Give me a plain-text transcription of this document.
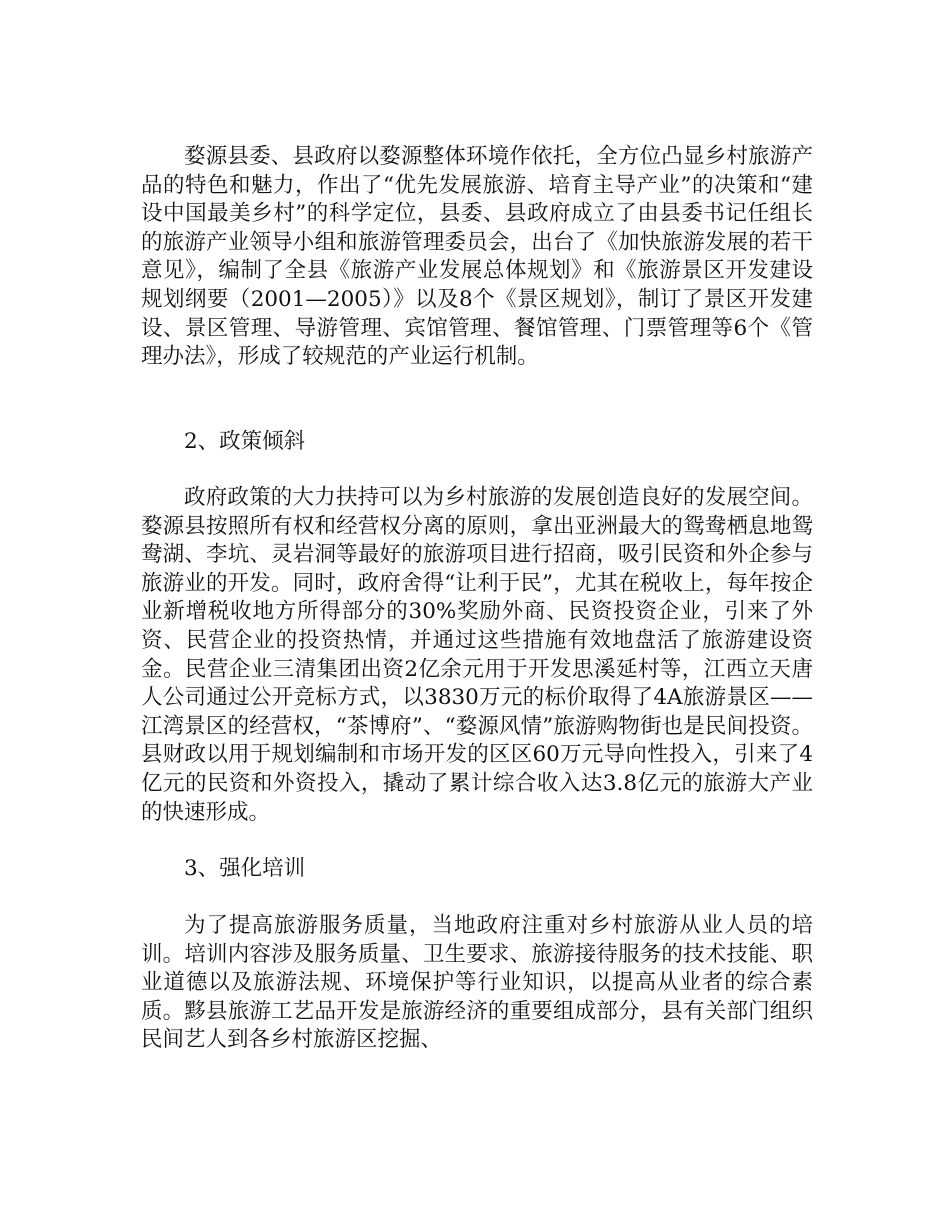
婺源县委、县政府以婺源整体环境作依托，全方位凸显乡村旅游产品的特色和魅力，作出了“优先发展旅游、培育主导产业”的决策和“建设中国最美乡村”的科学定位，县委、县政府成立了由县委书记任组长的旅游产业领导小组和旅游管理委员会，出台了《加快旅游发展的若干意见》，编制了全县《旅游产业发展总体规划》和《旅游景区开发建设规划纲要（2001—2005）》以及8个《景区规划》，制订了景区开发建设、景区管理、导游管理、宾馆管理、餐馆管理、门票管理等6个《管理办法》，形成了较规范的产业运行机制。

2、政策倾斜

政府政策的大力扶持可以为乡村旅游的发展创造良好的发展空间。婺源县按照所有权和经营权分离的原则，拿出亚洲最大的鸳鸯栖息地鸳鸯湖、李坑、灵岩洞等最好的旅游项目进行招商，吸引民资和外企参与旅游业的开发。同时，政府舍得“让利于民”，尤其在税收上，每年按企业新增税收地方所得部分的30%奖励外商、民资投资企业，引来了外资、民营企业的投资热情，并通过这些措施有效地盘活了旅游建设资金。民营企业三清集团出资2亿余元用于开发思溪延村等，江西立天唐人公司通过公开竞标方式，以3830万元的标价取得了4A旅游景区——江湾景区的经营权，“茶博府”、“婺源风情”旅游购物街也是民间投资。县财政以用于规划编制和市场开发的区区60万元导向性投入，引来了4亿元的民资和外资投入，撬动了累计综合收入达3.8亿元的旅游大产业的快速形成。

3、强化培训

为了提高旅游服务质量，当地政府注重对乡村旅游从业人员的培训。培训内容涉及服务质量、卫生要求、旅游接待服务的技术技能、职业道德以及旅游法规、环境保护等行业知识，以提高从业者的综合素质。黟县旅游工艺品开发是旅游经济的重要组成部分，县有关部门组织民间艺人到各乡村旅游区挖掘、
